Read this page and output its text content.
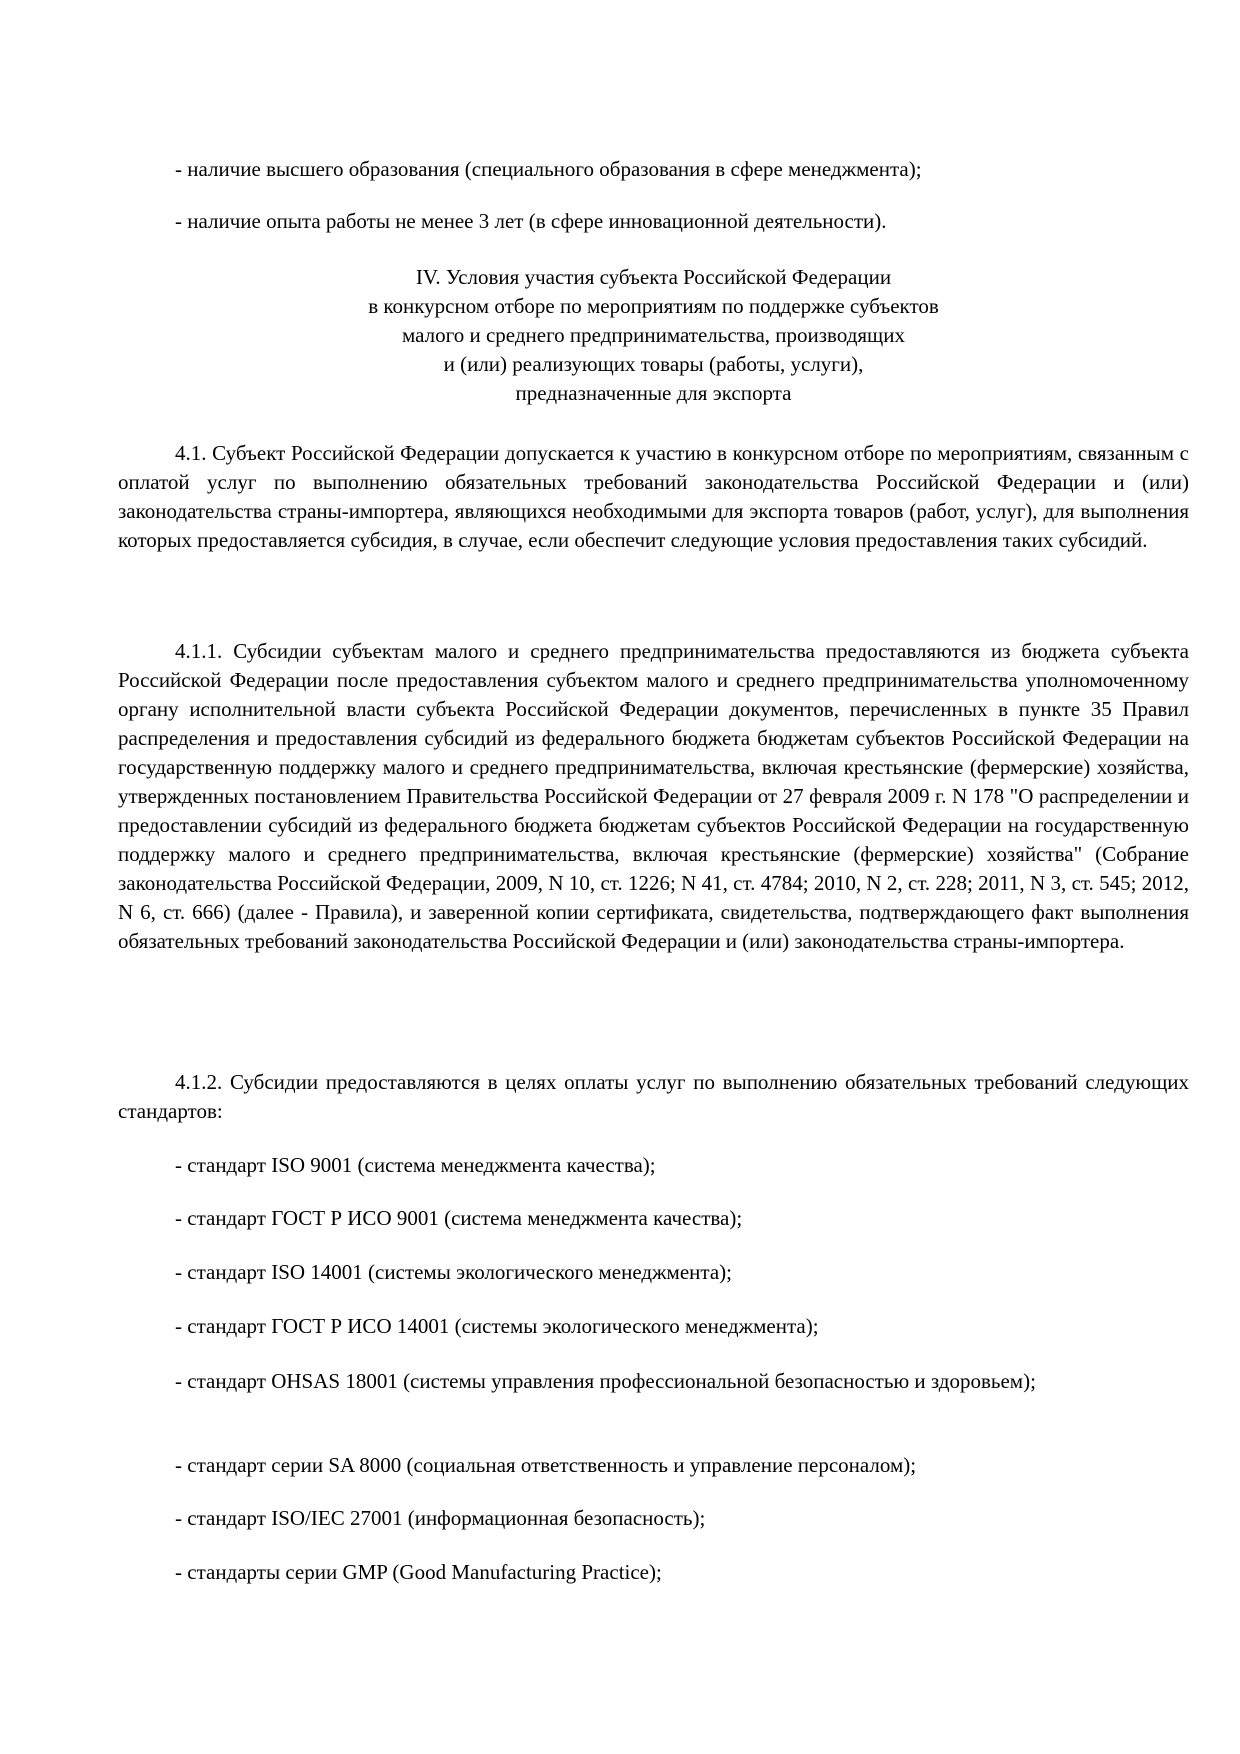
- наличие высшего образования (специального образования в сфере менеджмента);

- наличие опыта работы не менее 3 лет (в сфере инновационной деятельности).

IV. Условия участия субъекта Российской Федерации
в конкурсном отборе по мероприятиям по поддержке субъектов
малого и среднего предпринимательства, производящих
и (или) реализующих товары (работы, услуги),
предназначенные для экспорта

4.1. Субъект Российской Федерации допускается к участию в конкурсном отборе по мероприятиям, связанным с оплатой услуг по выполнению обязательных требований законодательства Российской Федерации и (или) законодательства страны-импортера, являющихся необходимыми для экспорта товаров (работ, услуг), для выполнения которых предоставляется субсидия, в случае, если обеспечит следующие условия предоставления таких субсидий.

4.1.1. Субсидии субъектам малого и среднего предпринимательства предоставляются из бюджета субъекта Российской Федерации после предоставления субъектом малого и среднего предпринимательства уполномоченному органу исполнительной власти субъекта Российской Федерации документов, перечисленных в пункте 35 Правил распределения и предоставления субсидий из федерального бюджета бюджетам субъектов Российской Федерации на государственную поддержку малого и среднего предпринимательства, включая крестьянские (фермерские) хозяйства, утвержденных постановлением Правительства Российской Федерации от 27 февраля 2009 г. N 178 "О распределении и предоставлении субсидий из федерального бюджета бюджетам субъектов Российской Федерации на государственную поддержку малого и среднего предпринимательства, включая крестьянские (фермерские) хозяйства" (Собрание законодательства Российской Федерации, 2009, N 10, ст. 1226; N 41, ст. 4784; 2010, N 2, ст. 228; 2011, N 3, ст. 545; 2012, N 6, ст. 666) (далее - Правила), и заверенной копии сертификата, свидетельства, подтверждающего факт выполнения обязательных требований законодательства Российской Федерации и (или) законодательства страны-импортера.

4.1.2. Субсидии предоставляются в целях оплаты услуг по выполнению обязательных требований следующих стандартов:

- стандарт ISO 9001 (система менеджмента качества);

- стандарт ГОСТ Р ИСО 9001 (система менеджмента качества);

- стандарт ISO 14001 (системы экологического менеджмента);

- стандарт ГОСТ Р ИСО 14001 (системы экологического менеджмента);

- стандарт OHSAS 18001 (системы управления профессиональной безопасностью и здоровьем);

- стандарт серии SA 8000 (социальная ответственность и управление персоналом);

- стандарт ISO/IEC 27001 (информационная безопасность);

- стандарты серии GMP (Good Manufacturing Practice);
